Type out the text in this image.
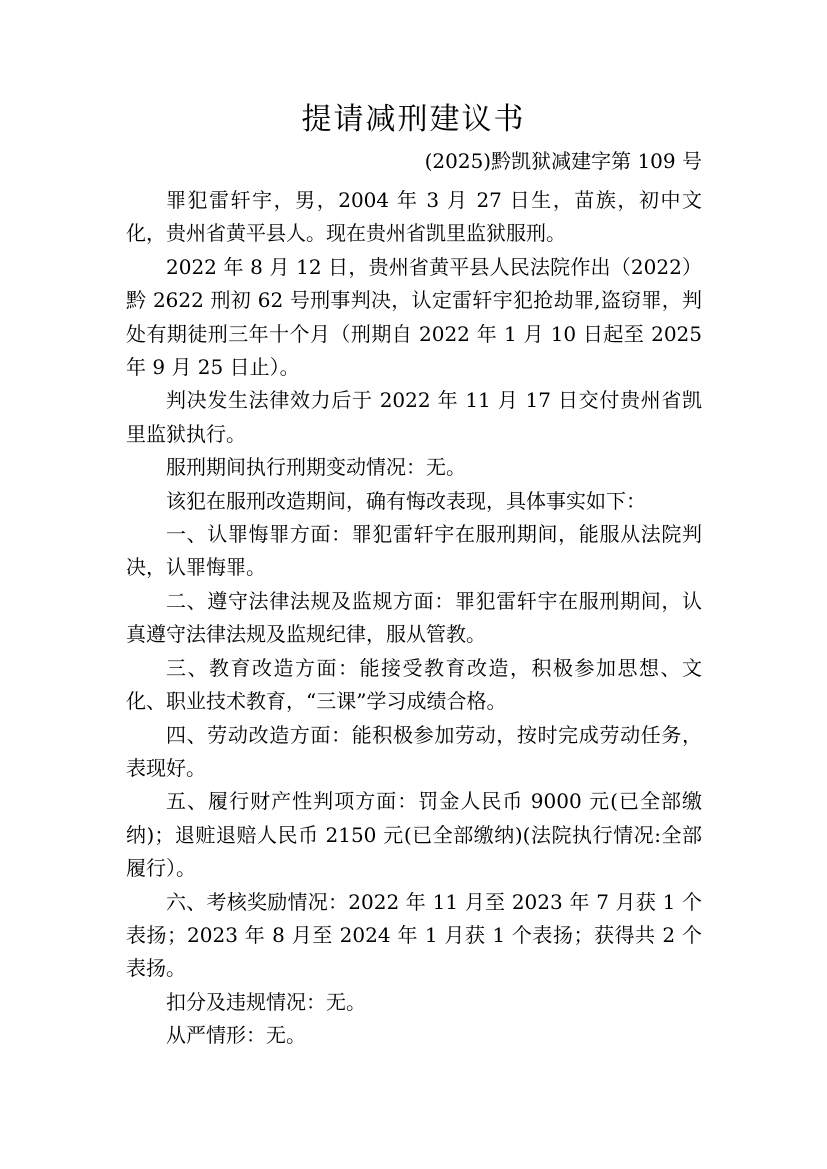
提请减刑建议书
(2025)黔凯狱减建字第 109 号

罪犯雷轩宇，男，2004 年 3 月 27 日生，苗族，初中文化，贵州省黄平县人。现在贵州省凯里监狱服刑。

2022 年 8 月 12 日，贵州省黄平县人民法院作出（2022）黔 2622 刑初 62 号刑事判决，认定雷轩宇犯抢劫罪,盗窃罪，判处有期徒刑三年十个月（刑期自 2022 年 1 月 10 日起至 2025 年 9 月 25 日止）。

判决发生法律效力后于 2022 年 11 月 17 日交付贵州省凯里监狱执行。

服刑期间执行刑期变动情况：无。

该犯在服刑改造期间，确有悔改表现，具体事实如下：

一、认罪悔罪方面：罪犯雷轩宇在服刑期间，能服从法院判决，认罪悔罪。

二、遵守法律法规及监规方面：罪犯雷轩宇在服刑期间，认真遵守法律法规及监规纪律，服从管教。

三、教育改造方面：能接受教育改造，积极参加思想、文化、职业技术教育，“三课”学习成绩合格。

四、劳动改造方面：能积极参加劳动，按时完成劳动任务，表现好。

五、履行财产性判项方面：罚金人民币 9000 元(已全部缴纳)；退赃退赔人民币 2150 元(已全部缴纳)(法院执行情况:全部履行）。

六、考核奖励情况：2022 年 11 月至 2023 年 7 月获 1 个表扬；2023 年 8 月至 2024 年 1 月获 1 个表扬；获得共 2 个表扬。

扣分及违规情况：无。

从严情形：无。
